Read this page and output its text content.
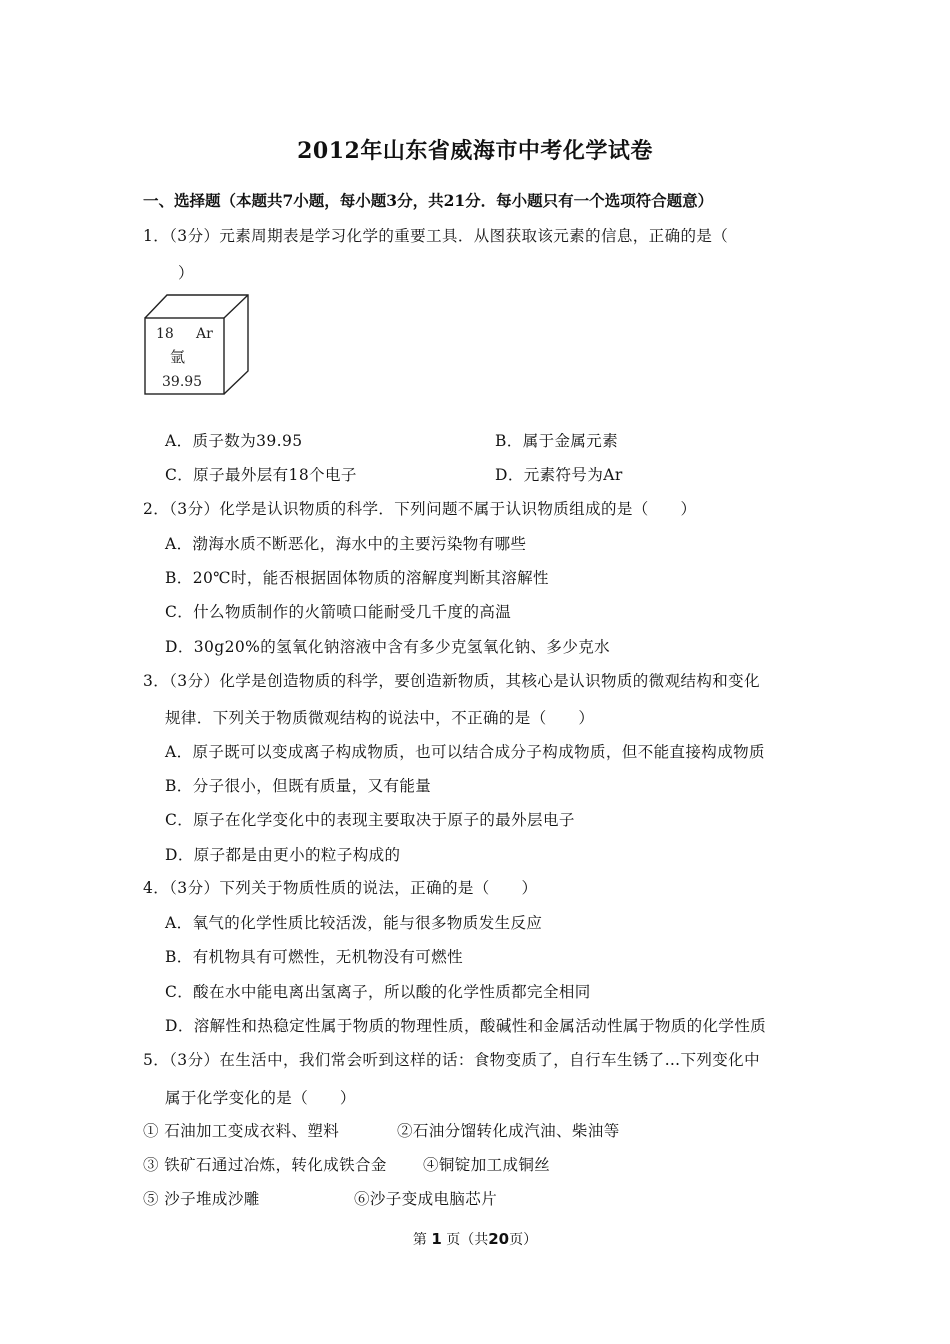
2012年山东省威海市中考化学试卷
一、选择题（本题共7小题，每小题3分，共21分．每小题只有一个选项符合题意）
1．（3分）元素周期表是学习化学的重要工具．从图获取该元素的信息，正确的是（
）
18 Ar
氩
39.95
A．质子数为39.95	B．属于金属元素
C．原子最外层有18个电子	D．元素符号为Ar
2．（3分）化学是认识物质的科学．下列问题不属于认识物质组成的是（　　）
A．渤海水质不断恶化，海水中的主要污染物有哪些
B．20℃时，能否根据固体物质的溶解度判断其溶解性
C．什么物质制作的火箭喷口能耐受几千度的高温
D．30g20%的氢氧化钠溶液中含有多少克氢氧化钠、多少克水
3．（3分）化学是创造物质的科学，要创造新物质，其核心是认识物质的微观结构和变化
规律．下列关于物质微观结构的说法中，不正确的是（　　）
A．原子既可以变成离子构成物质，也可以结合成分子构成物质，但不能直接构成物质
B．分子很小，但既有质量，又有能量
C．原子在化学变化中的表现主要取决于原子的最外层电子
D．原子都是由更小的粒子构成的
4．（3分）下列关于物质性质的说法，正确的是（　　）
A．氧气的化学性质比较活泼，能与很多物质发生反应
B．有机物具有可燃性，无机物没有可燃性
C．酸在水中能电离出氢离子，所以酸的化学性质都完全相同
D．溶解性和热稳定性属于物质的物理性质，酸碱性和金属活动性属于物质的化学性质
5．（3分）在生活中，我们常会听到这样的话：食物变质了，自行车生锈了…下列变化中
属于化学变化的是（　　）
① 石油加工变成衣料、塑料	②石油分馏转化成汽油、柴油等
③ 铁矿石通过冶炼，转化成铁合金 ④铜锭加工成铜丝
⑤ 沙子堆成沙雕	⑥沙子变成电脑芯片
第 1 页（共20页）
